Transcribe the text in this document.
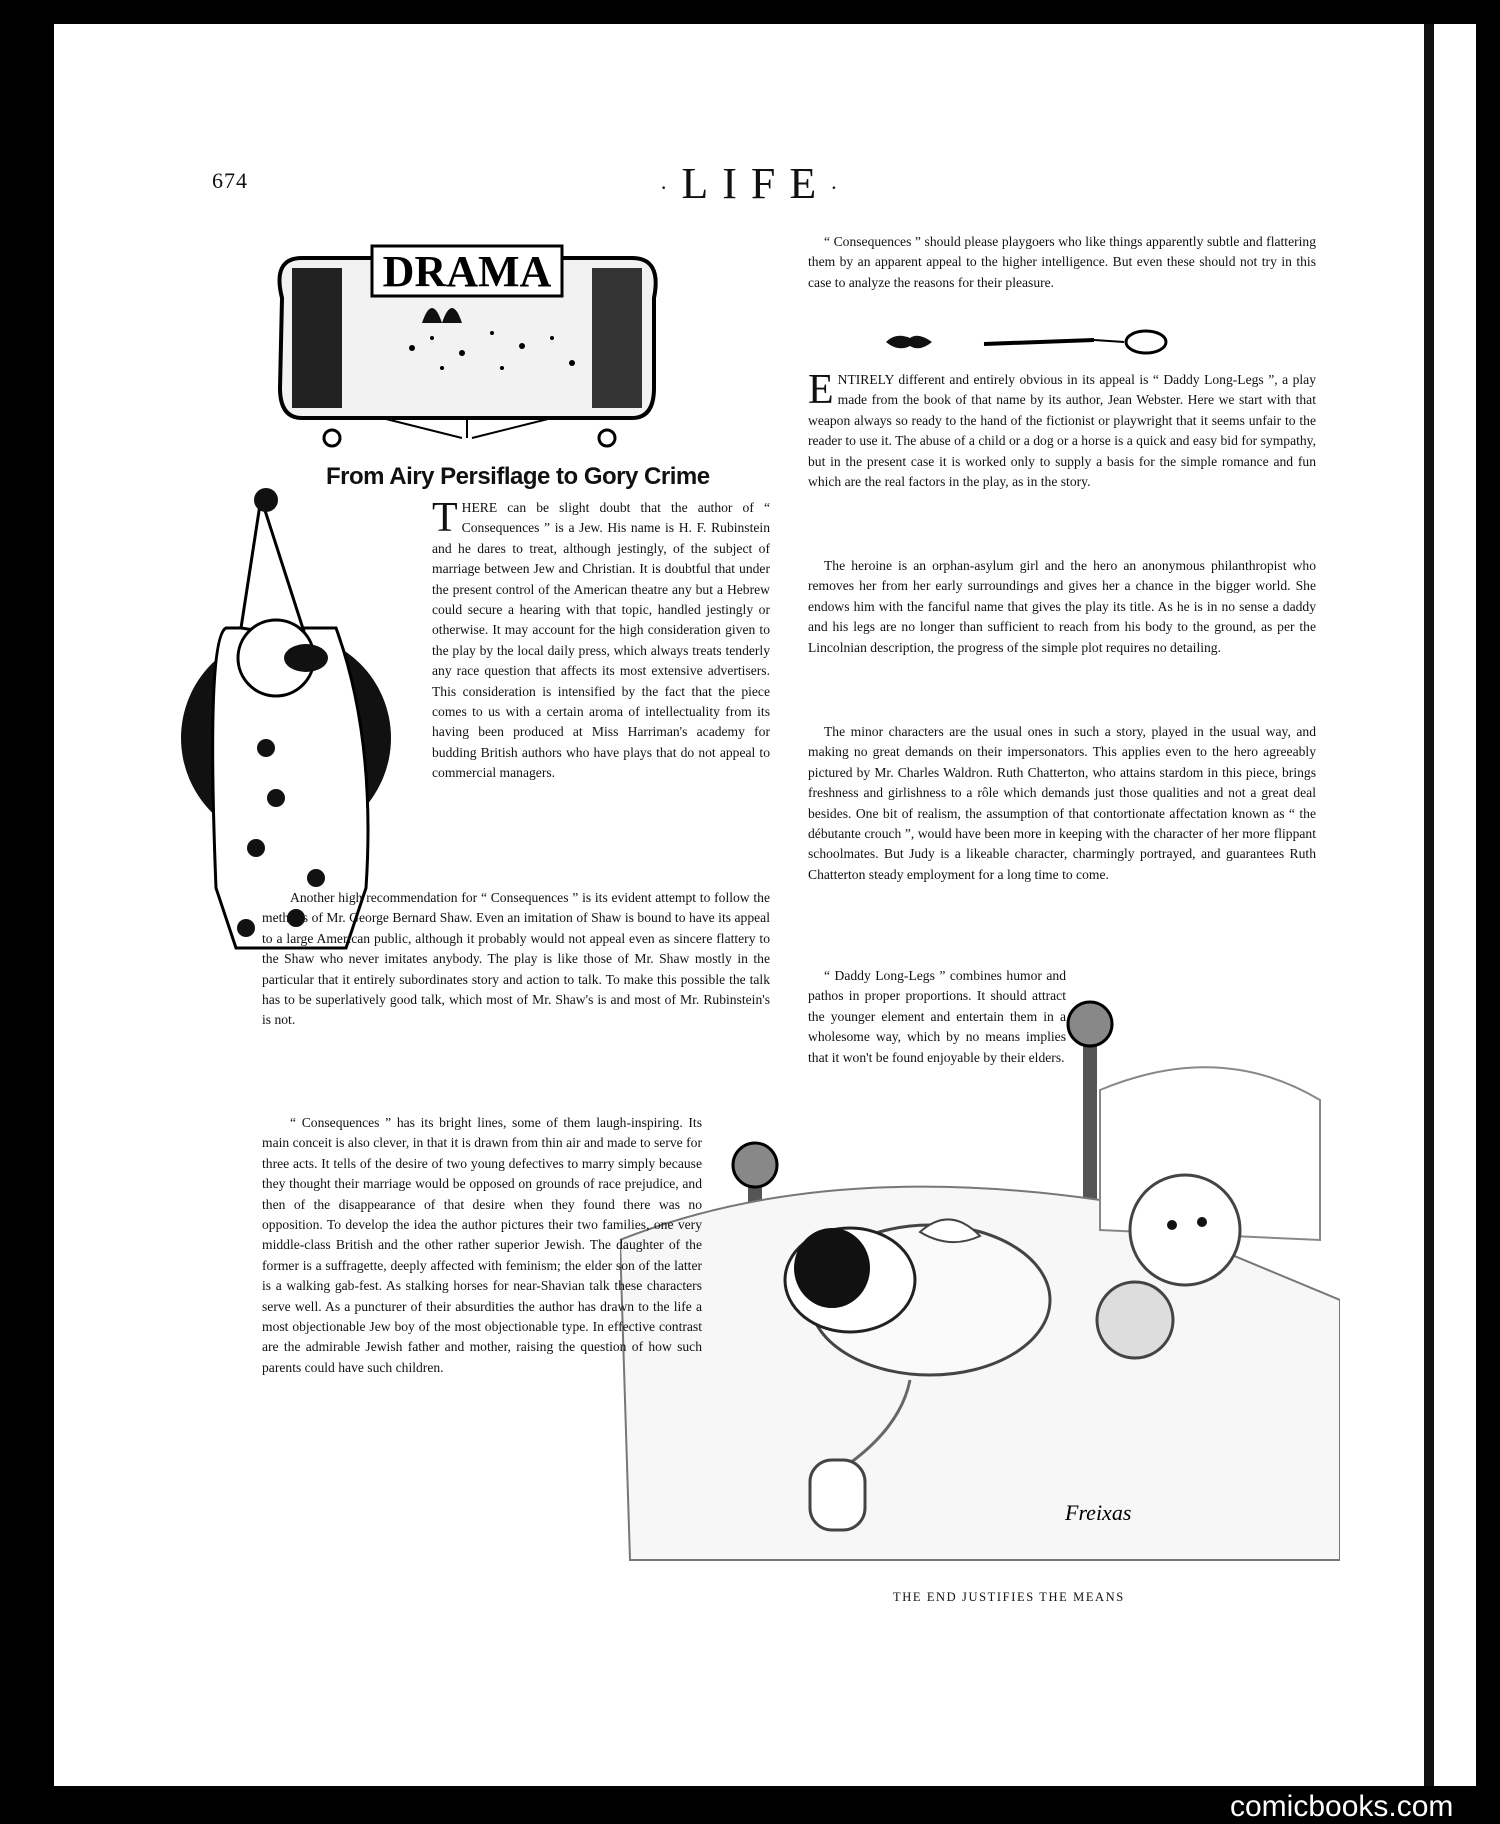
674	·LIFE·
DRAMA
From Airy Persiflage to Gory Crime
Freixas
THERE can be slight doubt that the author of “ Consequences ” is a Jew. His name is H. F. Rubinstein and he dares to treat, although jestingly, of the subject of marriage between Jew and Christian. It is doubtful that under the present control of the American theatre any but a Hebrew could secure a hearing with that topic, handled jestingly or otherwise. It may account for the high consideration given to the play by the local daily press, which always treats tenderly any race question that affects its most extensive advertisers. This consideration is intensified by the fact that the piece comes to us with a certain aroma of intellectuality from its having been produced at Miss Harriman's academy for budding British authors who have plays that do not appeal to commercial managers.
Another high recommendation for “ Consequences ” is its evident attempt to follow the methods of Mr. George Bernard Shaw. Even an imitation of Shaw is bound to have its appeal to a large American public, although it probably would not appeal even as sincere flattery to the Shaw who never imitates anybody. The play is like those of Mr. Shaw mostly in the particular that it entirely subordinates story and action to talk. To make this possible the talk has to be superlatively good talk, which most of Mr. Shaw's is and most of Mr. Rubinstein's is not.
“ Consequences ” has its bright lines, some of them laugh-inspiring. Its main conceit is also clever, in that it is drawn from thin air and made to serve for three acts. It tells of the desire of two young defectives to marry simply because they thought their marriage would be opposed on grounds of race prejudice, and then of the disappearance of that desire when they found there was no opposition. To develop the idea the author pictures their two families, one very middle-class British and the other rather superior Jewish. The daughter of the former is a suffragette, deeply affected with feminism; the elder son of the latter is a walking gab-fest. As stalking horses for near-Shavian talk these characters serve well. As a puncturer of their absurdities the author has drawn to the life a most objectionable Jew boy of the most objectionable type. In effective contrast are the admirable Jewish father and mother, raising the question of how such parents could have such children.
“ Consequences ” should please playgoers who like things apparently subtle and flattering them by an apparent appeal to the higher intelligence. But even these should not try in this case to analyze the reasons for their pleasure.
ENTIRELY different and entirely obvious in its appeal is “ Daddy Long-Legs ”, a play made from the book of that name by its author, Jean Webster. Here we start with that weapon always so ready to the hand of the fictionist or playwright that it seems unfair to the reader to use it. The abuse of a child or a dog or a horse is a quick and easy bid for sympathy, but in the present case it is worked only to supply a basis for the simple romance and fun which are the real factors in the play, as in the story.
The heroine is an orphan-asylum girl and the hero an anonymous philanthropist who removes her from her early surroundings and gives her a chance in the bigger world. She endows him with the fanciful name that gives the play its title. As he is in no sense a daddy and his legs are no longer than sufficient to reach from his body to the ground, as per the Lincolnian description, the progress of the simple plot requires no detailing.
The minor characters are the usual ones in such a story, played in the usual way, and making no great demands on their impersonators. This applies even to the hero agreeably pictured by Mr. Charles Waldron. Ruth Chatterton, who attains stardom in this piece, brings freshness and girlishness to a rôle which demands just those qualities and not a great deal besides. One bit of realism, the assumption of that contortionate affectation known as “ the débutante crouch ”, would have been more in keeping with the character of her more flippant schoolmates. But Judy is a likeable character, charmingly portrayed, and guarantees Ruth Chatterton steady employment for a long time to come.
“ Daddy Long-Legs ” combines humor and pathos in proper proportions. It should attract the younger element and entertain them in a wholesome way, which by no means implies that it won't be found enjoyable by their elders.
THE END JUSTIFIES THE MEANS
comicbooks.com
